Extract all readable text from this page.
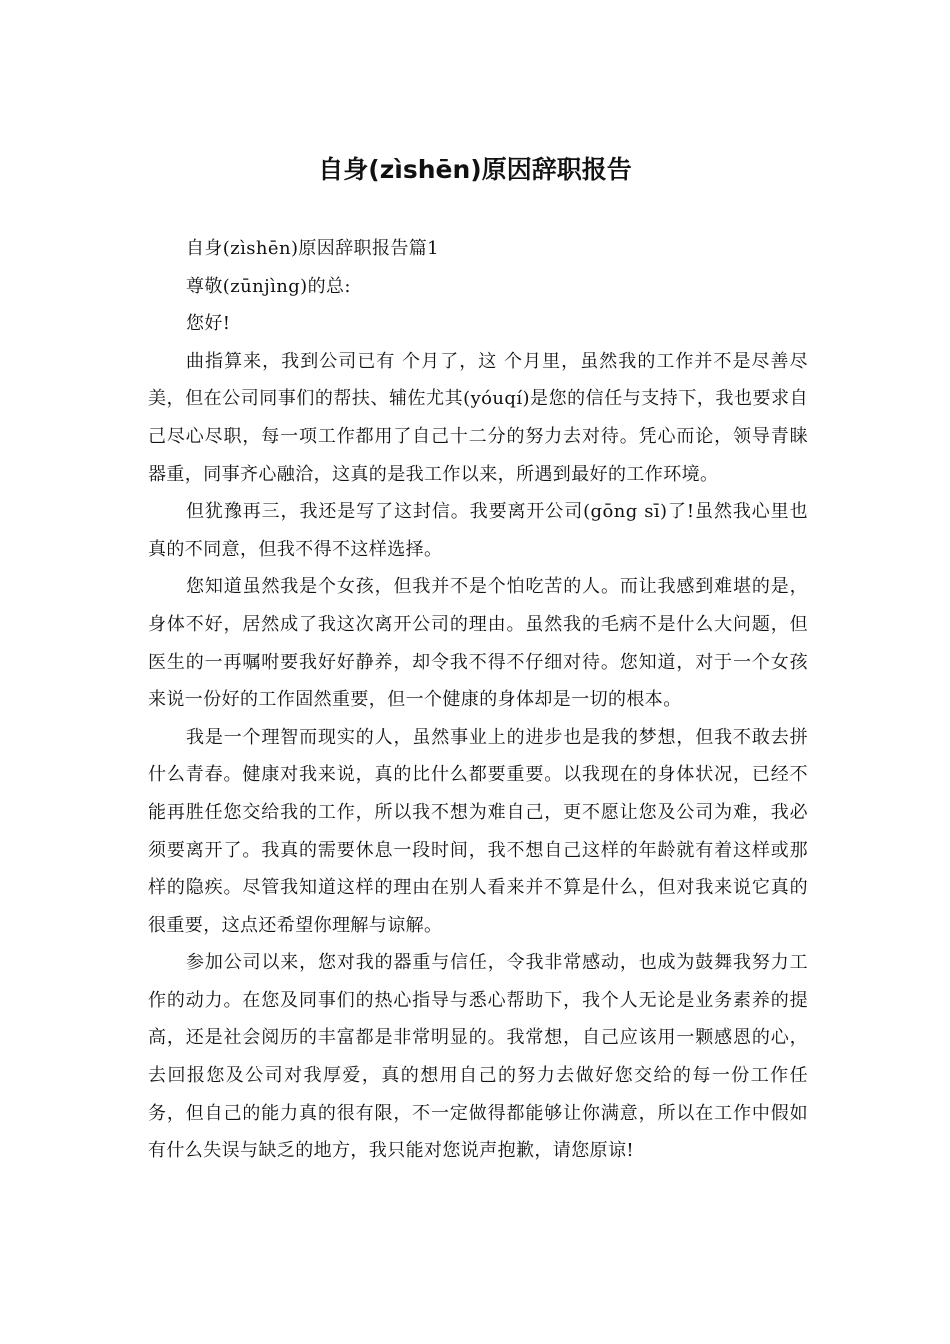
自身(zìshēn)原因辞职报告

自身(zìshēn)原因辞职报告篇1

尊敬(zūnjìng)的总:

您好!

曲指算来，我到公司已有 个月了，这 个月里，虽然我的工作并不是尽善尽美，但在公司同事们的帮扶、辅佐尤其(yóuqí)是您的信任与支持下，我也要求自己尽心尽职，每一项工作都用了自己十二分的努力去对待。凭心而论，领导青睐器重，同事齐心融洽，这真的是我工作以来，所遇到最好的工作环境。

但犹豫再三，我还是写了这封信。我要离开公司(gōng sī)了!虽然我心里也真的不同意，但我不得不这样选择。

您知道虽然我是个女孩，但我并不是个怕吃苦的人。而让我感到难堪的是，身体不好，居然成了我这次离开公司的理由。虽然我的毛病不是什么大问题，但医生的一再嘱咐要我好好静养，却令我不得不仔细对待。您知道，对于一个女孩来说一份好的工作固然重要，但一个健康的身体却是一切的根本。

我是一个理智而现实的人，虽然事业上的进步也是我的梦想，但我不敢去拼什么青春。健康对我来说，真的比什么都要重要。以我现在的身体状况，已经不能再胜任您交给我的工作，所以我不想为难自己，更不愿让您及公司为难，我必须要离开了。我真的需要休息一段时间，我不想自己这样的年龄就有着这样或那样的隐疾。尽管我知道这样的理由在别人看来并不算是什么，但对我来说它真的很重要，这点还希望你理解与谅解。

参加公司以来，您对我的器重与信任，令我非常感动，也成为鼓舞我努力工作的动力。在您及同事们的热心指导与悉心帮助下，我个人无论是业务素养的提高，还是社会阅历的丰富都是非常明显的。我常想，自己应该用一颗感恩的心，去回报您及公司对我厚爱，真的想用自己的努力去做好您交给的每一份工作任务，但自己的能力真的很有限，不一定做得都能够让你满意，所以在工作中假如有什么失误与缺乏的地方，我只能对您说声抱歉，请您原谅!
